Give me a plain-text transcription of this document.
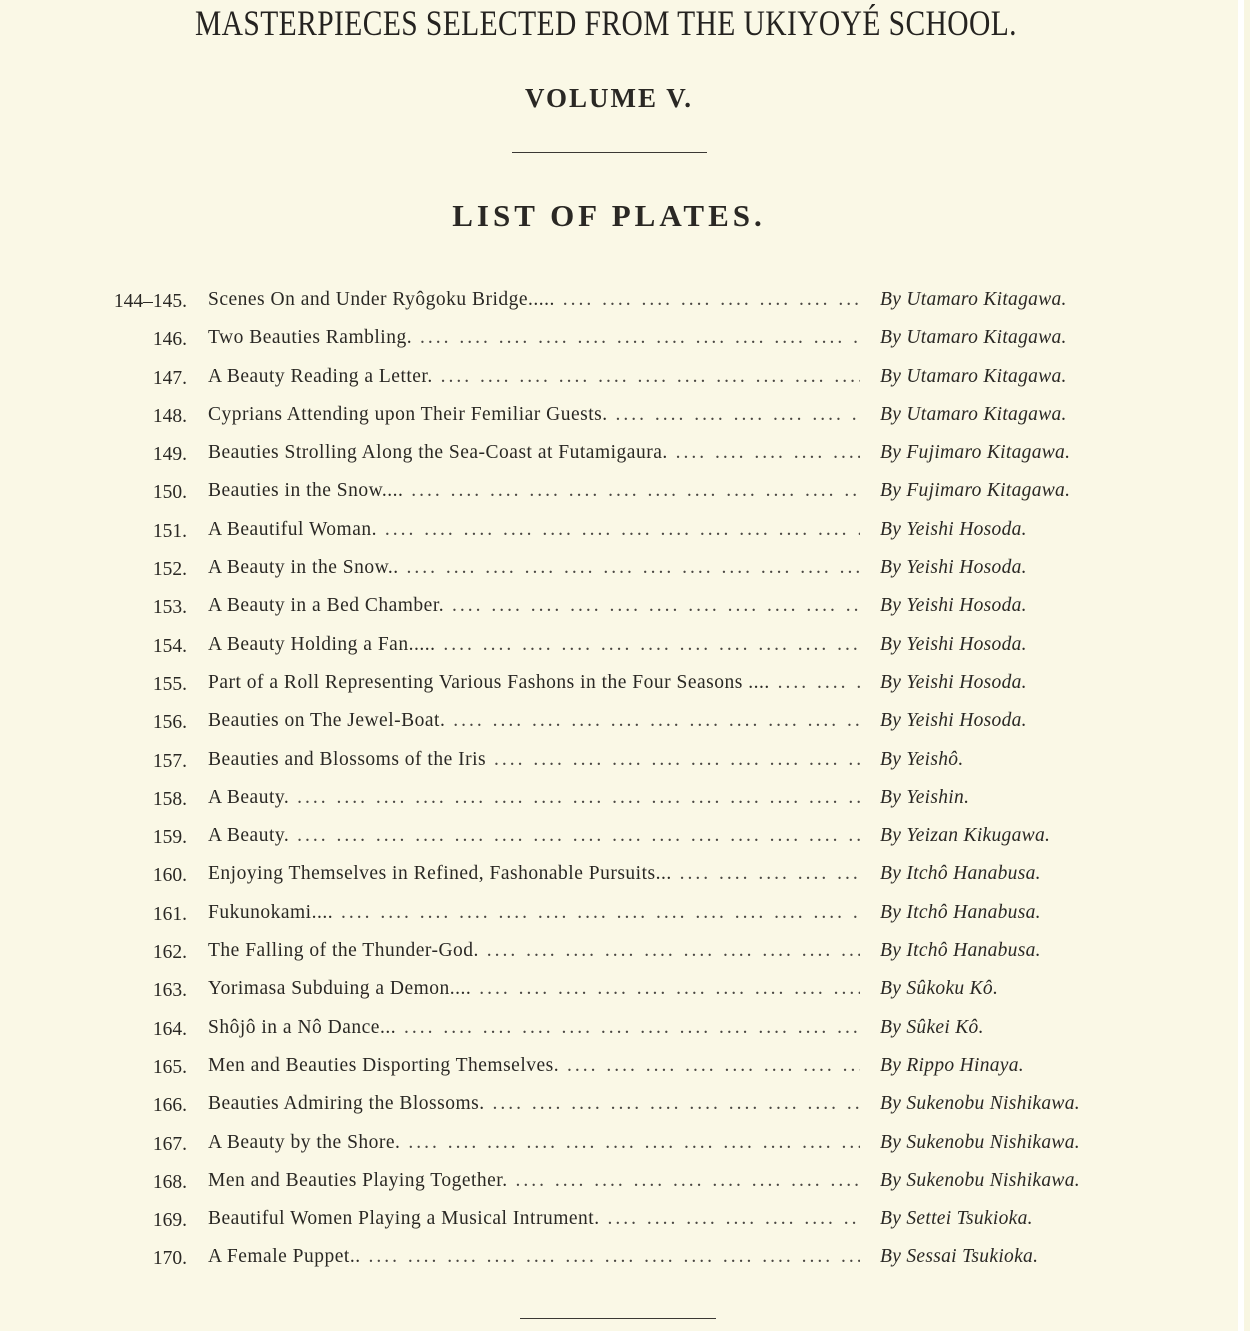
MASTERPIECES SELECTED FROM THE UKIYOYÉ SCHOOL.
VOLUME V.
LIST OF PLATES.
144–145. Scenes On and Under Ryôgoku Bridge..... ....	By Utamaro Kitagawa.
146. Two Beauties Rambling. ....	By Utamaro Kitagawa.
147. A Beauty Reading a Letter. ....	By Utamaro Kitagawa.
148. Cyprians Attending upon Their Femiliar Guests. ....	By Utamaro Kitagawa.
149. Beauties Strolling Along the Sea-Coast at Futamigaura. ....	By Fujimaro Kitagawa.
150. Beauties in the Snow.... ....	By Fujimaro Kitagawa.
151. A Beautiful Woman. ....	By Yeishi Hosoda.
152. A Beauty in the Snow.. ....	By Yeishi Hosoda.
153. A Beauty in a Bed Chamber. ....	By Yeishi Hosoda.
154. A Beauty Holding a Fan..... ....	By Yeishi Hosoda.
155. Part of a Roll Representing Various Fashons in the Four Seasons .... ....	By Yeishi Hosoda.
156. Beauties on The Jewel-Boat. ....	By Yeishi Hosoda.
157. Beauties and Blossoms of the Iris ....	By Yeishô.
158. A Beauty. ....	By Yeishin.
159. A Beauty. ....	By Yeizan Kikugawa.
160. Enjoying Themselves in Refined, Fashonable Pursuits... ....	By Itchô Hanabusa.
161. Fukunokami.... ....	By Itchô Hanabusa.
162. The Falling of the Thunder-God. ....	By Itchô Hanabusa.
163. Yorimasa Subduing a Demon.... ....	By Sûkoku Kô.
164. Shôjô in a Nô Dance... ....	By Sûkei Kô.
165. Men and Beauties Disporting Themselves. ....	By Rippo Hinaya.
166. Beauties Admiring the Blossoms. ....	By Sukenobu Nishikawa.
167. A Beauty by the Shore. ....	By Sukenobu Nishikawa.
168. Men and Beauties Playing Together. ....	By Sukenobu Nishikawa.
169. Beautiful Women Playing a Musical Intrument. ....	By Settei Tsukioka.
170. A Female Puppet.. ....	By Sessai Tsukioka.
